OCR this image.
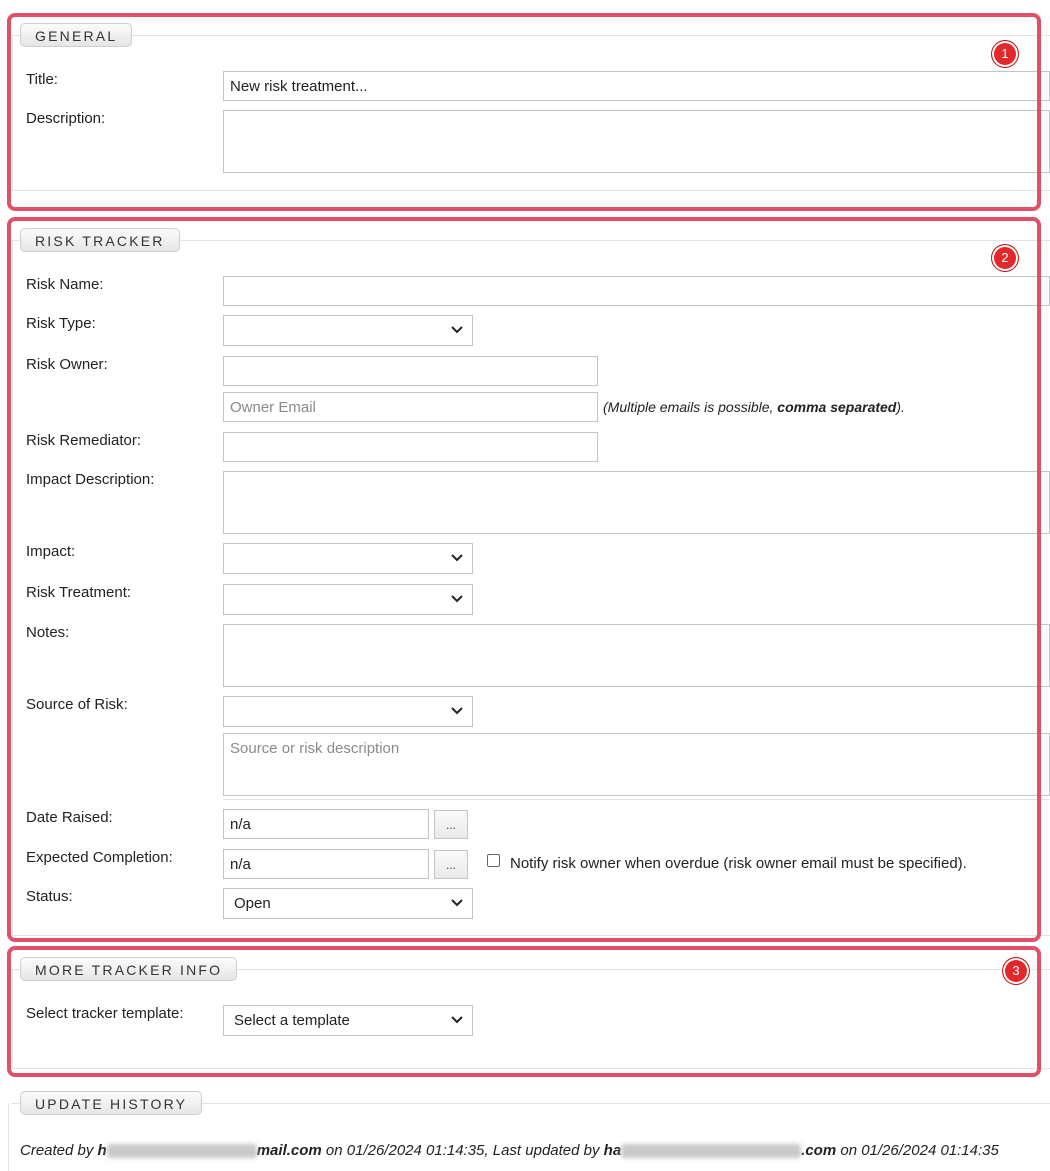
GENERAL
Title:
New risk treatment...
Description:
RISK TRACKER
Risk Name:
Risk Type:
Risk Owner:
Owner Email
(Multiple emails is possible, comma separated).
Risk Remediator:
Impact Description:
Impact:
Risk Treatment:
Notes:
Source of Risk:
Source or risk description
Date Raised:
n/a	...
Expected Completion:
n/a	...	Notify risk owner when overdue (risk owner email must be specified).
Status:	Open
MORE TRACKER INFO
Select tracker template:	Select a template
UPDATE HISTORY
Created by h	mail.com on 01/26/2024 01:14:35, Last updated by ha	.com on 01/26/2024 01:14:35
1
2
3
